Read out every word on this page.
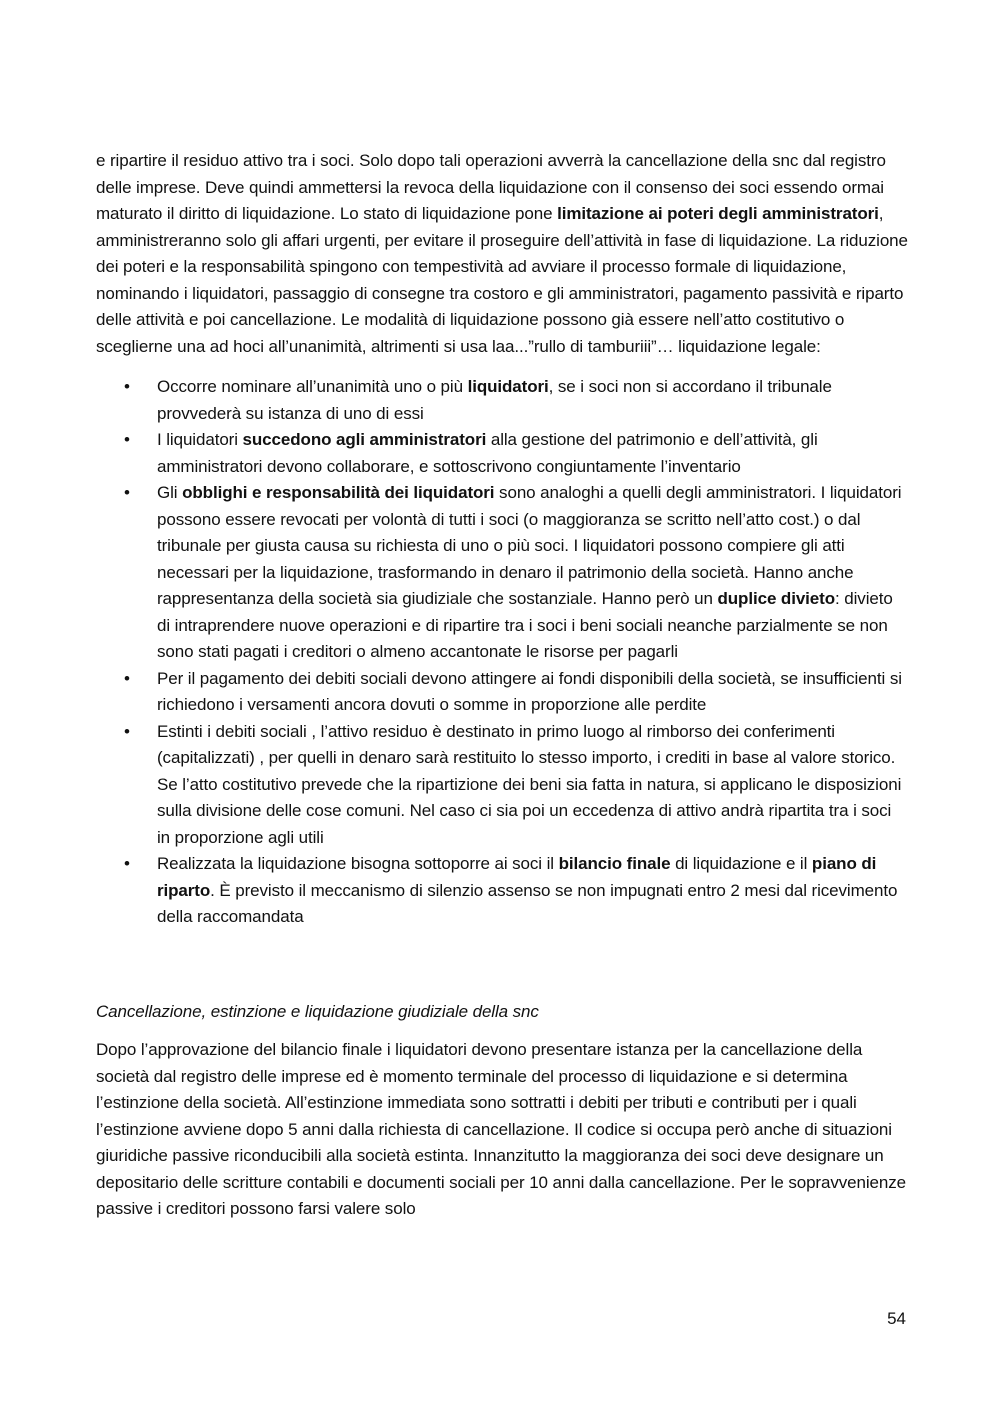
e ripartire il residuo attivo tra i soci. Solo dopo tali operazioni avverrà la cancellazione della snc dal registro delle imprese. Deve quindi ammettersi la revoca della liquidazione con il consenso dei soci essendo ormai maturato il diritto di liquidazione. Lo stato di liquidazione pone limitazione ai poteri degli amministratori, amministreranno solo gli affari urgenti, per evitare il proseguire dell’attività in fase di liquidazione. La riduzione dei poteri e la responsabilità spingono con tempestività ad avviare il processo formale di liquidazione, nominando i liquidatori, passaggio di consegne tra costoro e gli amministratori, pagamento passività e riparto delle attività e poi cancellazione. Le modalità di liquidazione possono già essere nell’atto costitutivo o sceglierne una ad hoci all’unanimità, altrimenti si usa laa...”rullo di tamburiii”… liquidazione legale:

• Occorre nominare all’unanimità uno o più liquidatori, se i soci non si accordano il tribunale provvederà su istanza di uno di essi
• I liquidatori succedono agli amministratori alla gestione del patrimonio e dell’attività, gli amministratori devono collaborare, e sottoscrivono congiuntamente l’inventario
• Gli obblighi e responsabilità dei liquidatori sono analoghi a quelli degli amministratori. I liquidatori possono essere revocati per volontà di tutti i soci (o maggioranza se scritto nell’atto cost.) o dal tribunale per giusta causa su richiesta di uno o più soci. I liquidatori possono compiere gli atti necessari per la liquidazione, trasformando in denaro il patrimonio della società. Hanno anche rappresentanza della società sia giudiziale che sostanziale. Hanno però un duplice divieto: divieto di intraprendere nuove operazioni e di ripartire tra i soci i beni sociali neanche parzialmente se non sono stati pagati i creditori o almeno accantonate le risorse per pagarli
• Per il pagamento dei debiti sociali devono attingere ai fondi disponibili della società, se insufficienti si richiedono i versamenti ancora dovuti o somme in proporzione alle perdite
• Estinti i debiti sociali , l’attivo residuo è destinato in primo luogo al rimborso dei conferimenti (capitalizzati) , per quelli in denaro sarà restituito lo stesso importo, i crediti in base al valore storico. Se l’atto costitutivo prevede che la ripartizione dei beni sia fatta in natura, si applicano le disposizioni sulla divisione delle cose comuni. Nel caso ci sia poi un eccedenza di attivo andrà ripartita tra i soci in proporzione agli utili
• Realizzata la liquidazione bisogna sottoporre ai soci il bilancio finale di liquidazione e il piano di riparto. È previsto il meccanismo di silenzio assenso se non impugnati entro 2 mesi dal ricevimento della raccomandata

Cancellazione, estinzione e liquidazione giudiziale della snc

Dopo l’approvazione del bilancio finale i liquidatori devono presentare istanza per la cancellazione della società dal registro delle imprese ed è momento terminale del processo di liquidazione e si determina l’estinzione della società. All’estinzione immediata sono sottratti i debiti per tributi e contributi per i quali l’estinzione avviene dopo 5 anni dalla richiesta di cancellazione. Il codice si occupa però anche di situazioni giuridiche passive riconducibili alla società estinta. Innanzitutto la maggioranza dei soci deve designare un depositario delle scritture contabili e documenti sociali per 10 anni dalla cancellazione. Per le sopravvenienze passive i creditori possono farsi valere solo

54
